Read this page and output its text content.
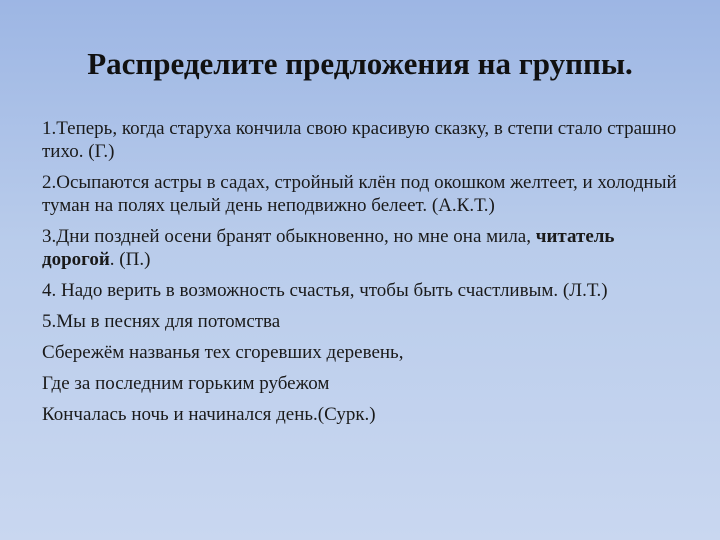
Распределите предложения на группы.

1.Теперь, когда старуха кончила свою красивую сказку, в степи стало страшно тихо. (Г.)

2.Осыпаются астры в садах, стройный клён под окошком желтеет, и холодный туман на полях целый день неподвижно белеет. (А.К.Т.)

3.Дни поздней осени бранят обыкновенно, но мне она мила, читатель дорогой. (П.)

4. Надо верить в возможность счастья, чтобы быть счастливым. (Л.Т.)

5.Мы в песнях для потомства

Сбережём названья тех сгоревших деревень,

Где за последним горьким рубежом

Кончалась ночь и начинался день.(Сурк.)
